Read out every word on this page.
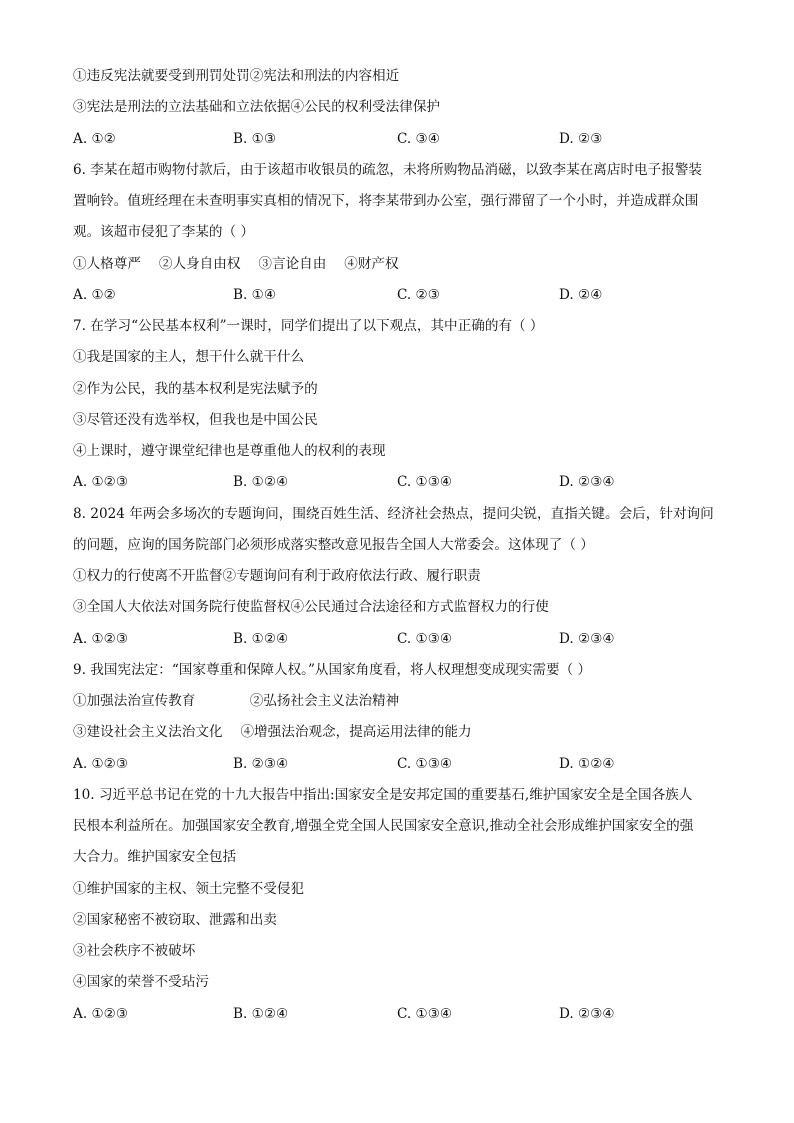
①违反宪法就要受到刑罚处罚②宪法和刑法的内容相近
③宪法是刑法的立法基础和立法依据④公民的权利受法律保护
A. ①②	B. ①③	C. ③④	D. ②③
6. 李某在超市购物付款后，由于该超市收银员的疏忽，未将所购物品消磁，以致李某在离店时电子报警装
置响铃。值班经理在未查明事实真相的情况下，将李某带到办公室，强行滞留了一个小时，并造成群众围
观。该超市侵犯了李某的（ ）
①人格尊严　 ②人身自由权　 ③言论自由　 ④财产权
A. ①②	B. ①④	C. ②③	D. ②④
7. 在学习“公民基本权利”一课时，同学们提出了以下观点，其中正确的有（ ）
①我是国家的主人，想干什么就干什么
②作为公民，我的基本权利是宪法赋予的
③尽管还没有选举权，但我也是中国公民
④上课时，遵守课堂纪律也是尊重他人的权利的表现
A. ①②③	B. ①②④	C. ①③④	D. ②③④
8. 2024 年两会多场次的专题询问，围绕百姓生活、经济社会热点，提问尖锐，直指关键。会后，针对询问
的问题，应询的国务院部门必须形成落实整改意见报告全国人大常委会。这体现了（ ）
①权力的行使离不开监督②专题询问有利于政府依法行政、履行职责
③全国人大依法对国务院行使监督权④公民通过合法途径和方式监督权力的行使
A. ①②③	B. ①②④	C. ①③④	D. ②③④
9. 我国宪法定：“国家尊重和保障人权。”从国家角度看，将人权理想变成现实需要（ ）
①加强法治宣传教育　　　　②弘扬社会主义法治精神
③建设社会主义法治文化　 ④增强法治观念，提高运用法律的能力
A. ①②③	B. ②③④	C. ①③④	D. ①②④
10. 习近平总书记在党的十九大报告中指出:国家安全是安邦定国的重要基石,维护国家安全是全国各族人
民根本利益所在。加强国家安全教育,增强全党全国人民国家安全意识,推动全社会形成维护国家安全的强
大合力。维护国家安全包括
①维护国家的主权、领土完整不受侵犯
②国家秘密不被窃取、泄露和出卖
③社会秩序不被破坏
④国家的荣誉不受玷污
A. ①②③	B. ①②④	C. ①③④	D. ②③④
